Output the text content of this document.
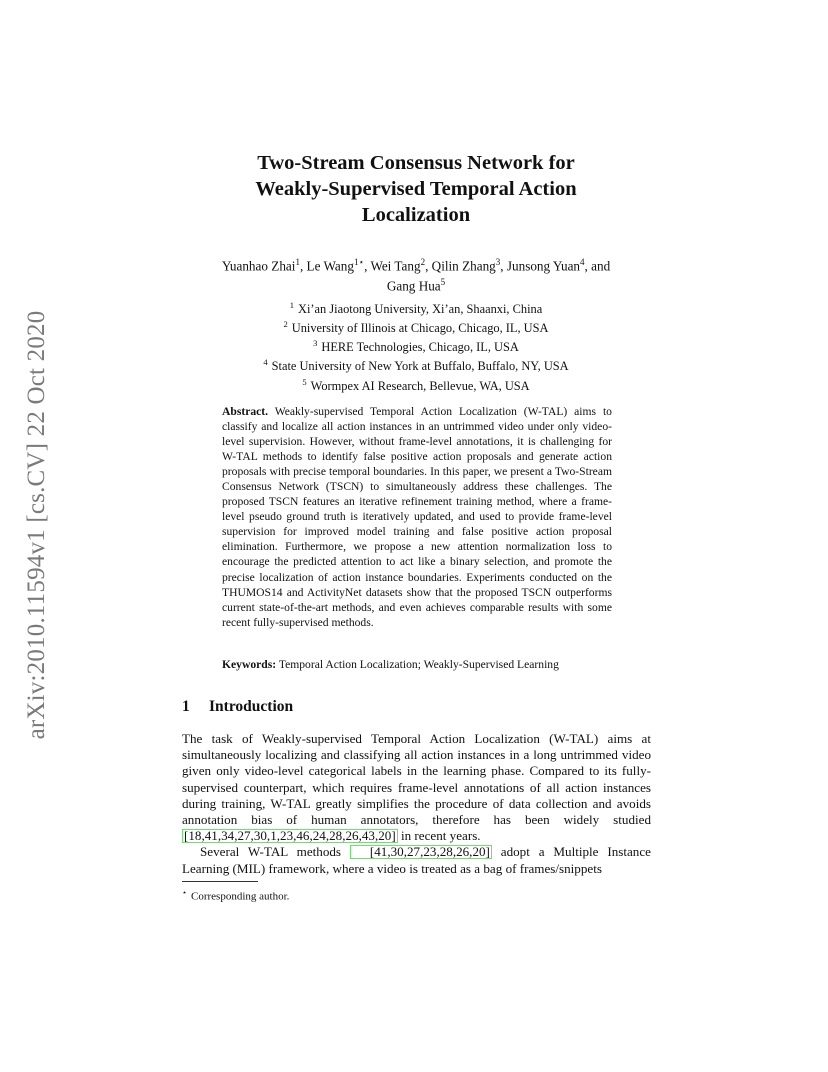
arXiv:2010.11594v1 [cs.CV] 22 Oct 2020
Two-Stream Consensus Network for
Weakly-Supervised Temporal Action
Localization
Yuanhao Zhai$^1$, Le Wang$^{1⋆}$, Wei Tang$^2$, Qilin Zhang$^3$, Junsong Yuan$^4$, and
Gang Hua$^5$
$^1$ Xi’an Jiaotong University, Xi’an, Shaanxi, China
$^2$ University of Illinois at Chicago, Chicago, IL, USA
$^3$ HERE Technologies, Chicago, IL, USA
$^4$ State University of New York at Buffalo, Buffalo, NY, USA
$^5$ Wormpex AI Research, Bellevue, WA, USA
Abstract. Weakly-supervised Temporal Action Localization (W-TAL) aims to classify and localize all action instances in an untrimmed video under only video-level supervision. However, without frame-level annotations, it is challenging for W-TAL methods to identify false positive action proposals and generate action proposals with precise temporal boundaries. In this paper, we present a Two-Stream Consensus Network (TSCN) to simultaneously address these challenges. The proposed TSCN features an iterative refinement training method, where a frame-level pseudo ground truth is iteratively updated, and used to provide frame-level supervision for improved model training and false positive action proposal elimination. Furthermore, we propose a new attention normalization loss to encourage the predicted attention to act like a binary selection, and promote the precise localization of action instance boundaries. Experiments conducted on the THUMOS14 and ActivityNet datasets show that the proposed TSCN outperforms current state-of-the-art methods, and even achieves comparable results with some recent fully-supervised methods.
Keywords: Temporal Action Localization; Weakly-Supervised Learning
1 Introduction

The task of Weakly-supervised Temporal Action Localization (W-TAL) aims at simultaneously localizing and classifying all action instances in a long untrimmed video given only video-level categorical labels in the learning phase. Compared to its fully-supervised counterpart, which requires frame-level annotations of all action instances during training, W-TAL greatly simplifies the procedure of data collection and avoids annotation bias of human annotators, therefore has been widely studied [18,41,34,27,30,1,23,46,24,28,26,43,20] in recent years.

Several W-TAL methods [41,30,27,23,28,26,20] adopt a Multiple Instance Learning (MIL) framework, where a video is treated as a bag of frames/snippets

⋆ Corresponding author.
